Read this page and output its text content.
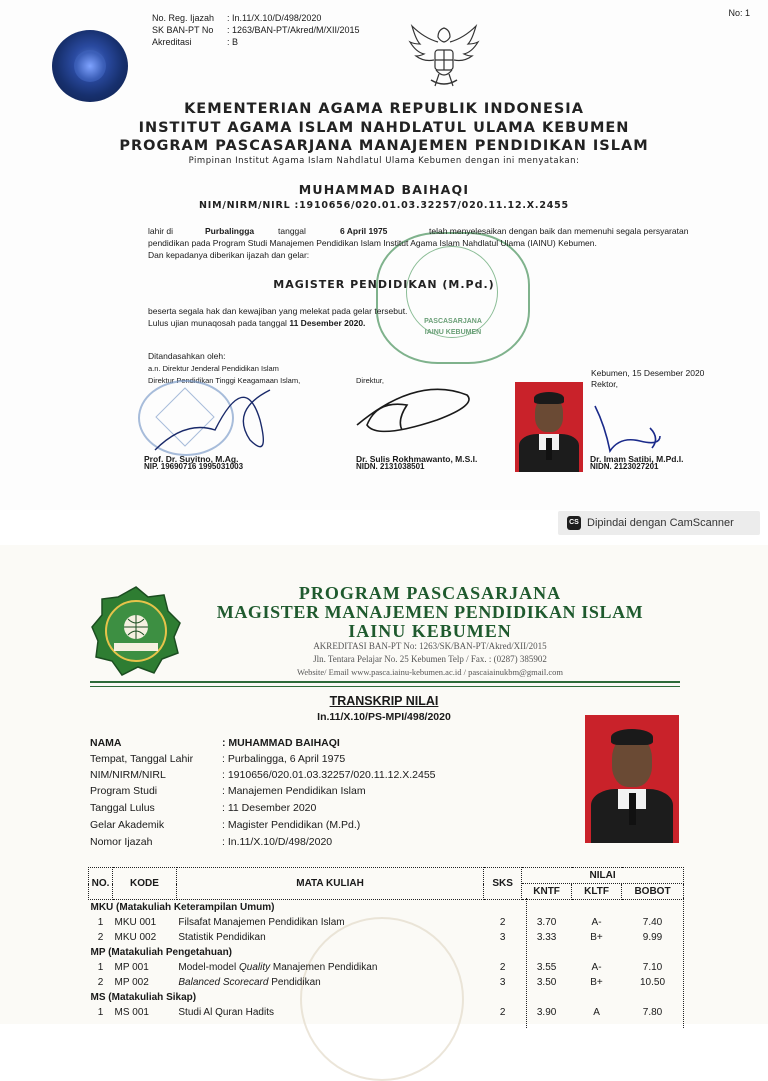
No: 1
No. Reg. Ijazah : In.11/X.10/D/498/2020
SK BAN-PT No : 1263/BAN-PT/Akred/M/XII/2015
Akreditasi	: B
KEMENTERIAN AGAMA REPUBLIK INDONESIA
INSTITUT AGAMA ISLAM NAHDLATUL ULAMA KEBUMEN
PROGRAM PASCASARJANA MANAJEMEN PENDIDIKAN ISLAM
Pimpinan Institut Agama Islam Nahdlatul Ulama Kebumen dengan ini menyatakan:
PASCASARJANA
IAINU KEBUMEN
MUHAMMAD BAIHAQI
NIM/NIRM/NIRL :1910656/020.01.03.32257/020.11.12.X.2455
lahir di	Purbalingga	tanggal	6 April 1975	telah menyelesaikan dengan baik dan memenuhi segala persyaratan
pendidikan pada Program Studi Manajemen Pendidikan Islam Institut Agama Islam Nahdlatul Ulama (IAINU) Kebumen.
Dan kepadanya diberikan ijazah dan gelar:
MAGISTER PENDIDIKAN (M.Pd.)
beserta segala hak dan kewajiban yang melekat pada gelar tersebut.
Lulus ujian munaqosah pada tanggal 11 Desember 2020.
Ditandasahkan oleh:
a.n. Direktur Jenderal Pendidikan Islam
Direktur Pendidikan Tinggi Keagamaan Islam,	Direktur,
Kebumen, 15 Desember 2020
Rektor,
Prof. Dr. Suyitno, M.Ag.
NIP. 19690716 1995031003
Dr. Sulis Rokhmawanto, M.S.I.
NIDN. 2131038501
Dr. Imam Satibi, M.Pd.I.
NIDN. 2123027201
CS Dipindai dengan CamScanner
PROGRAM PASCASARJANA
MAGISTER MANAJEMEN PENDIDIKAN ISLAM
IAINU KEBUMEN
AKREDITASI BAN-PT No: 1263/SK/BAN-PT/Akred/XII/2015
Jln. Tentara Pelajar No. 25 Kebumen Telp / Fax. : (0287) 385902
Website/ Email www.pasca.iainu-kebumen.ac.id / pascaiainukbm@gmail.com
TRANSKRIP NILAI
In.11/X.10/PS-MPI/498/2020
NAMA	: MUHAMMAD BAIHAQI
Tempat, Tanggal Lahir	: Purbalingga, 6 April 1975
NIM/NIRM/NIRL	: 1910656/020.01.03.32257/020.11.12.X.2455
Program Studi	: Manajemen Pendidikan Islam
Tanggal Lulus	: 11 Desember 2020
Gelar Akademik	: Magister Pendidikan (M.Pd.)
Nomor Ijazah	: In.11/X.10/D/498/2020
NO.	KODE	MATA KULIAH	SKS	NILAI		
				KNTF	KLTF	BOBOT
MKU (Matakuliah Keterampilan Umum)						
1	MKU 001	Filsafat Manajemen Pendidikan Islam	2	3.70	A-	7.40
2	MKU 002	Statistik Pendidikan	3	3.33	B+	9.99
MP (Matakuliah Pengetahuan)						
1	MP 001	Model-model Quality Manajemen Pendidikan	2	3.55	A-	7.10
2	MP 002	Balanced Scorecard Pendidikan	3	3.50	B+	10.50
MS (Matakuliah Sikap)						
1	MS 001	Studi Al Quran Hadits	2	3.90	A	7.80
